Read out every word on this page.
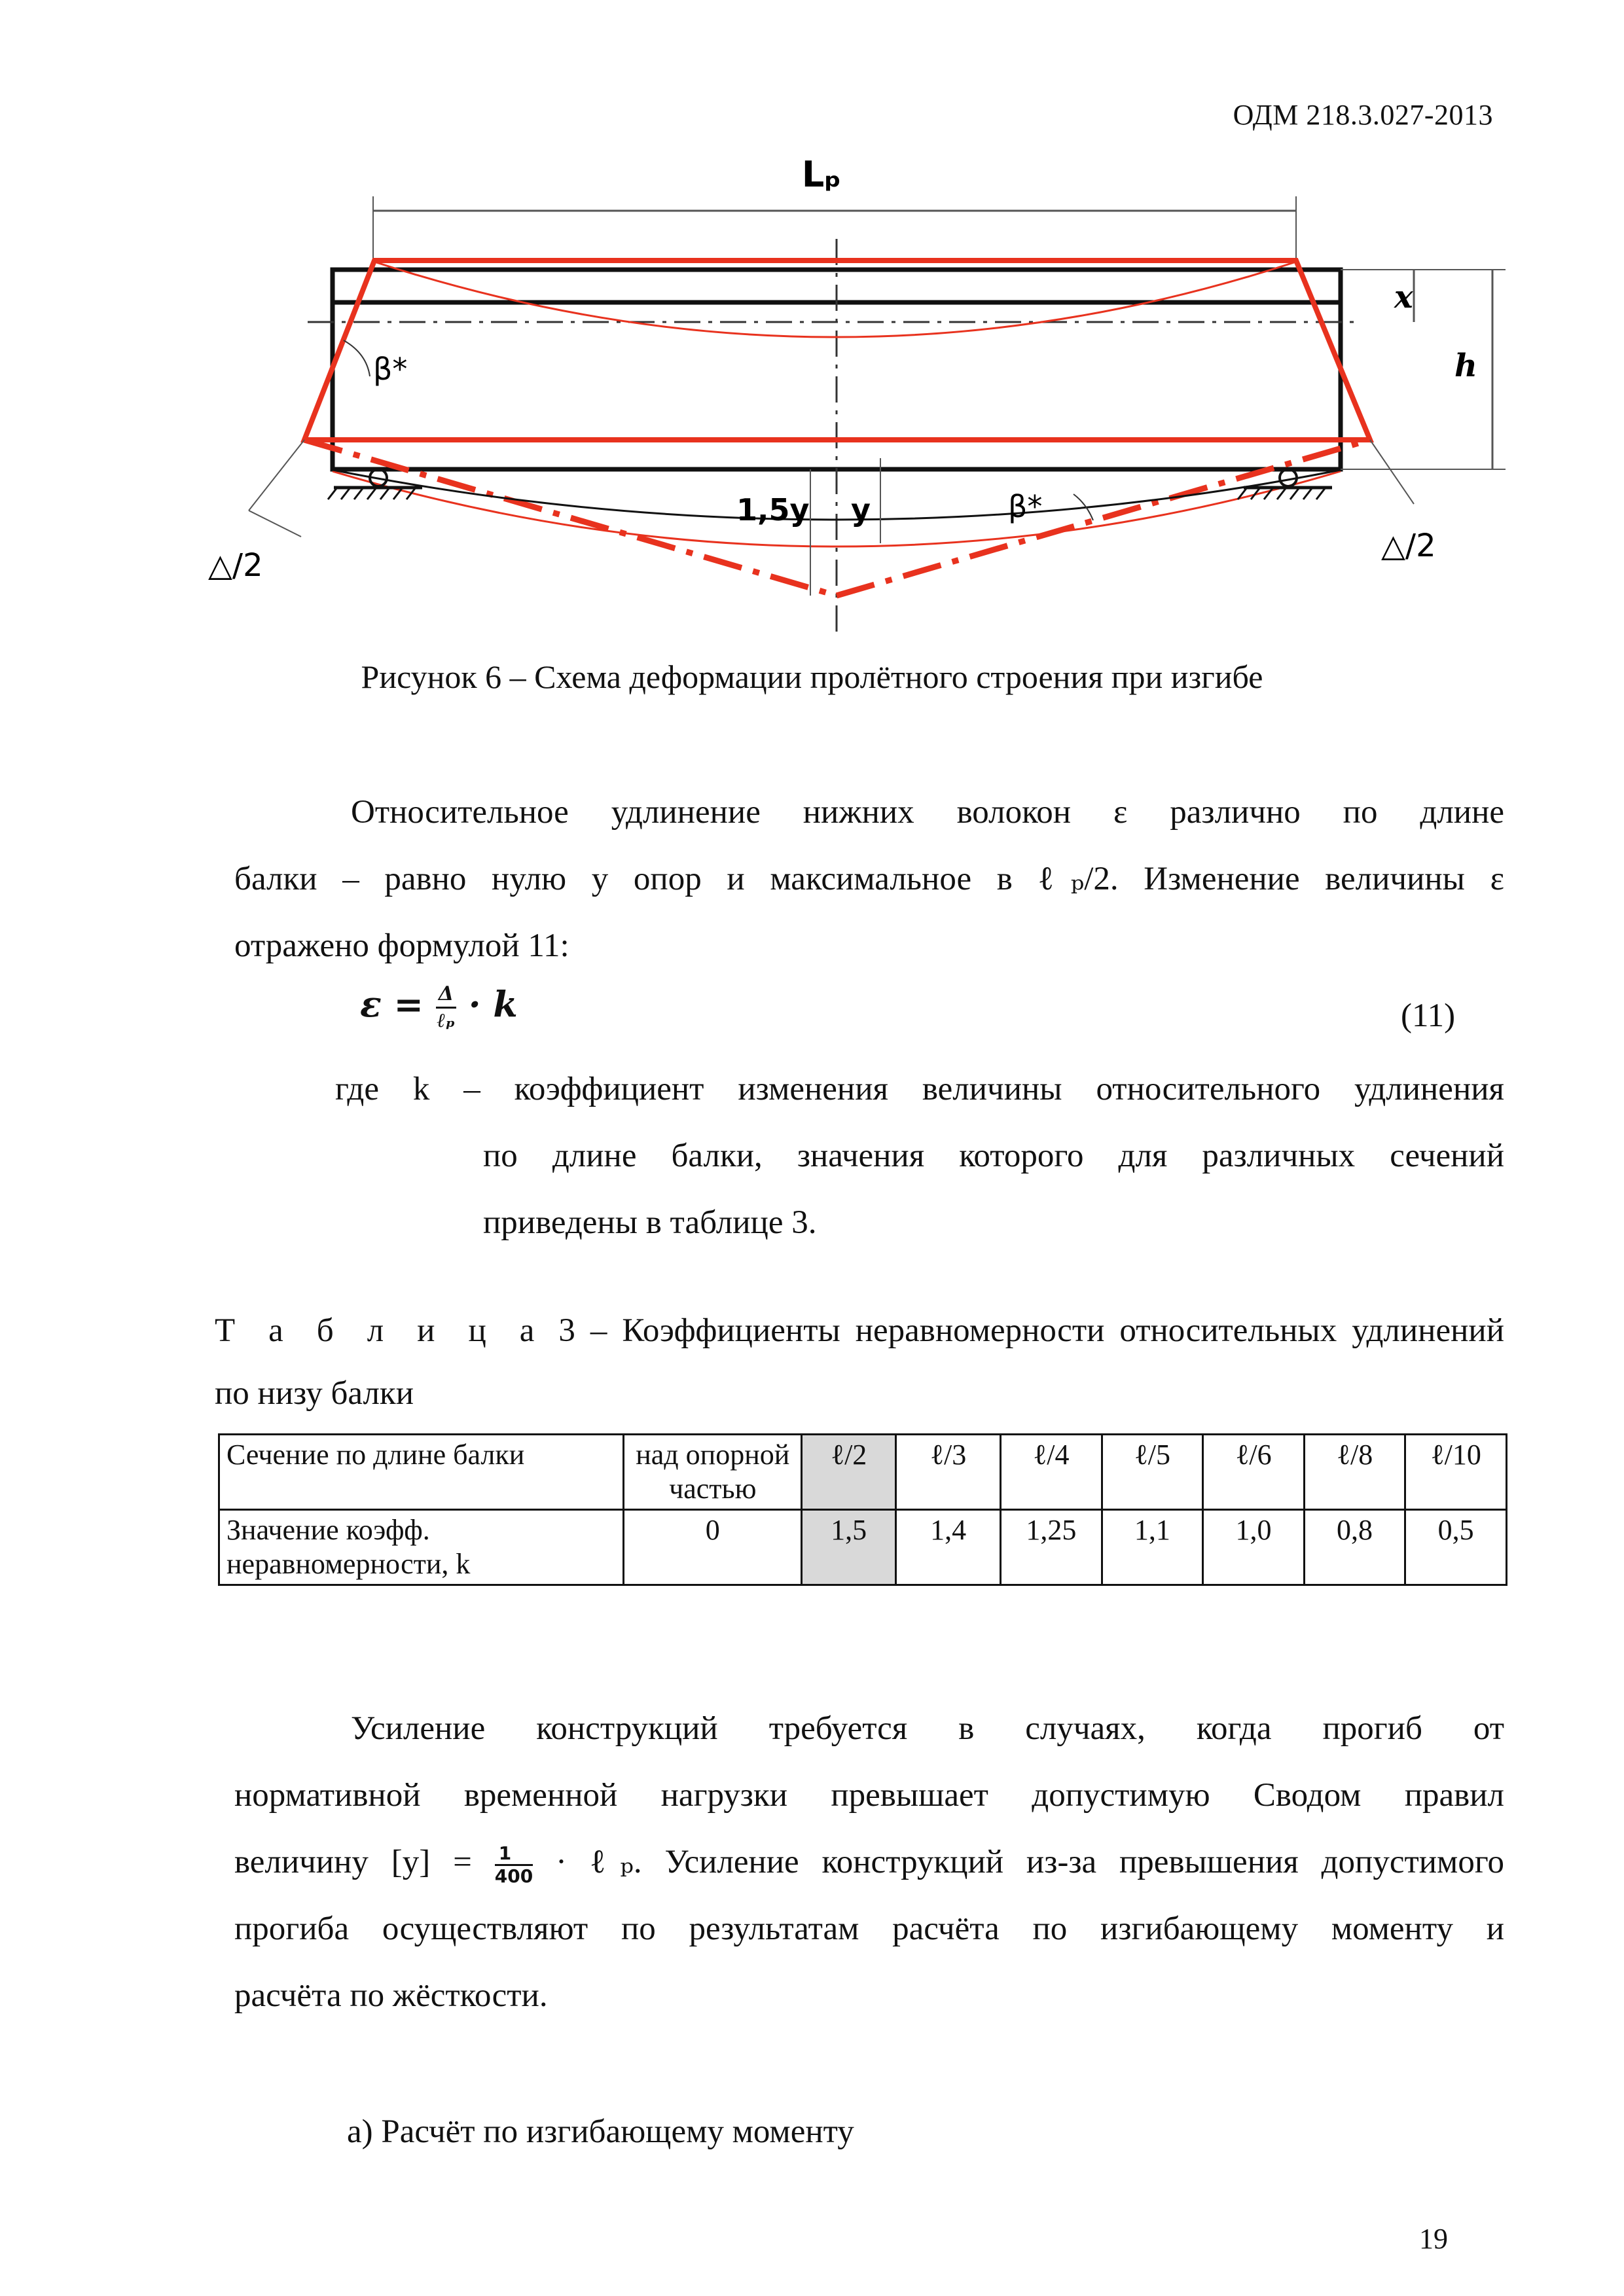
ОДМ 218.3.027-2013
Lₚ
x
h
β*
β*
1,5y y
△/2
△/2
Рисунок 6 – Схема деформации пролётного строения при изгибе
Относительное удлинение нижних волокон ε различно по длине
балки – равно нулю у опор и максимальное в ℓₚ/2. Изменение величины ε
отражено формулой 11:
$\varepsilon = \frac{\Delta}{\text{ℓₚ}} \cdot k$	(11)
где k – коэффициент изменения величины относительного удлинения
по длине балки, значения которого для различных сечений
приведены в таблице 3.
Т а б л и ц а 3 – Коэффициенты неравномерности относительных удлинений
по низу балки
Сечение по длине балки	над опорной частью	ℓ/2	ℓ/3	ℓ/4	ℓ/5	ℓ/6	ℓ/8	ℓ/10
Значение коэфф. неравномерности, k	0	1,5	1,4	1,25	1,1	1,0	0,8	0,5
Усиление конструкций требуется в случаях, когда прогиб от
нормативной временной нагрузки превышает допустимую Сводом правил
величину $[y] = \frac{1}{400}$ · ℓₚ. Усиление конструкций из-за превышения допустимого
прогиба осуществляют по результатам расчёта по изгибающему моменту и
расчёта по жёсткости.
а) Расчёт по изгибающему моменту
19
